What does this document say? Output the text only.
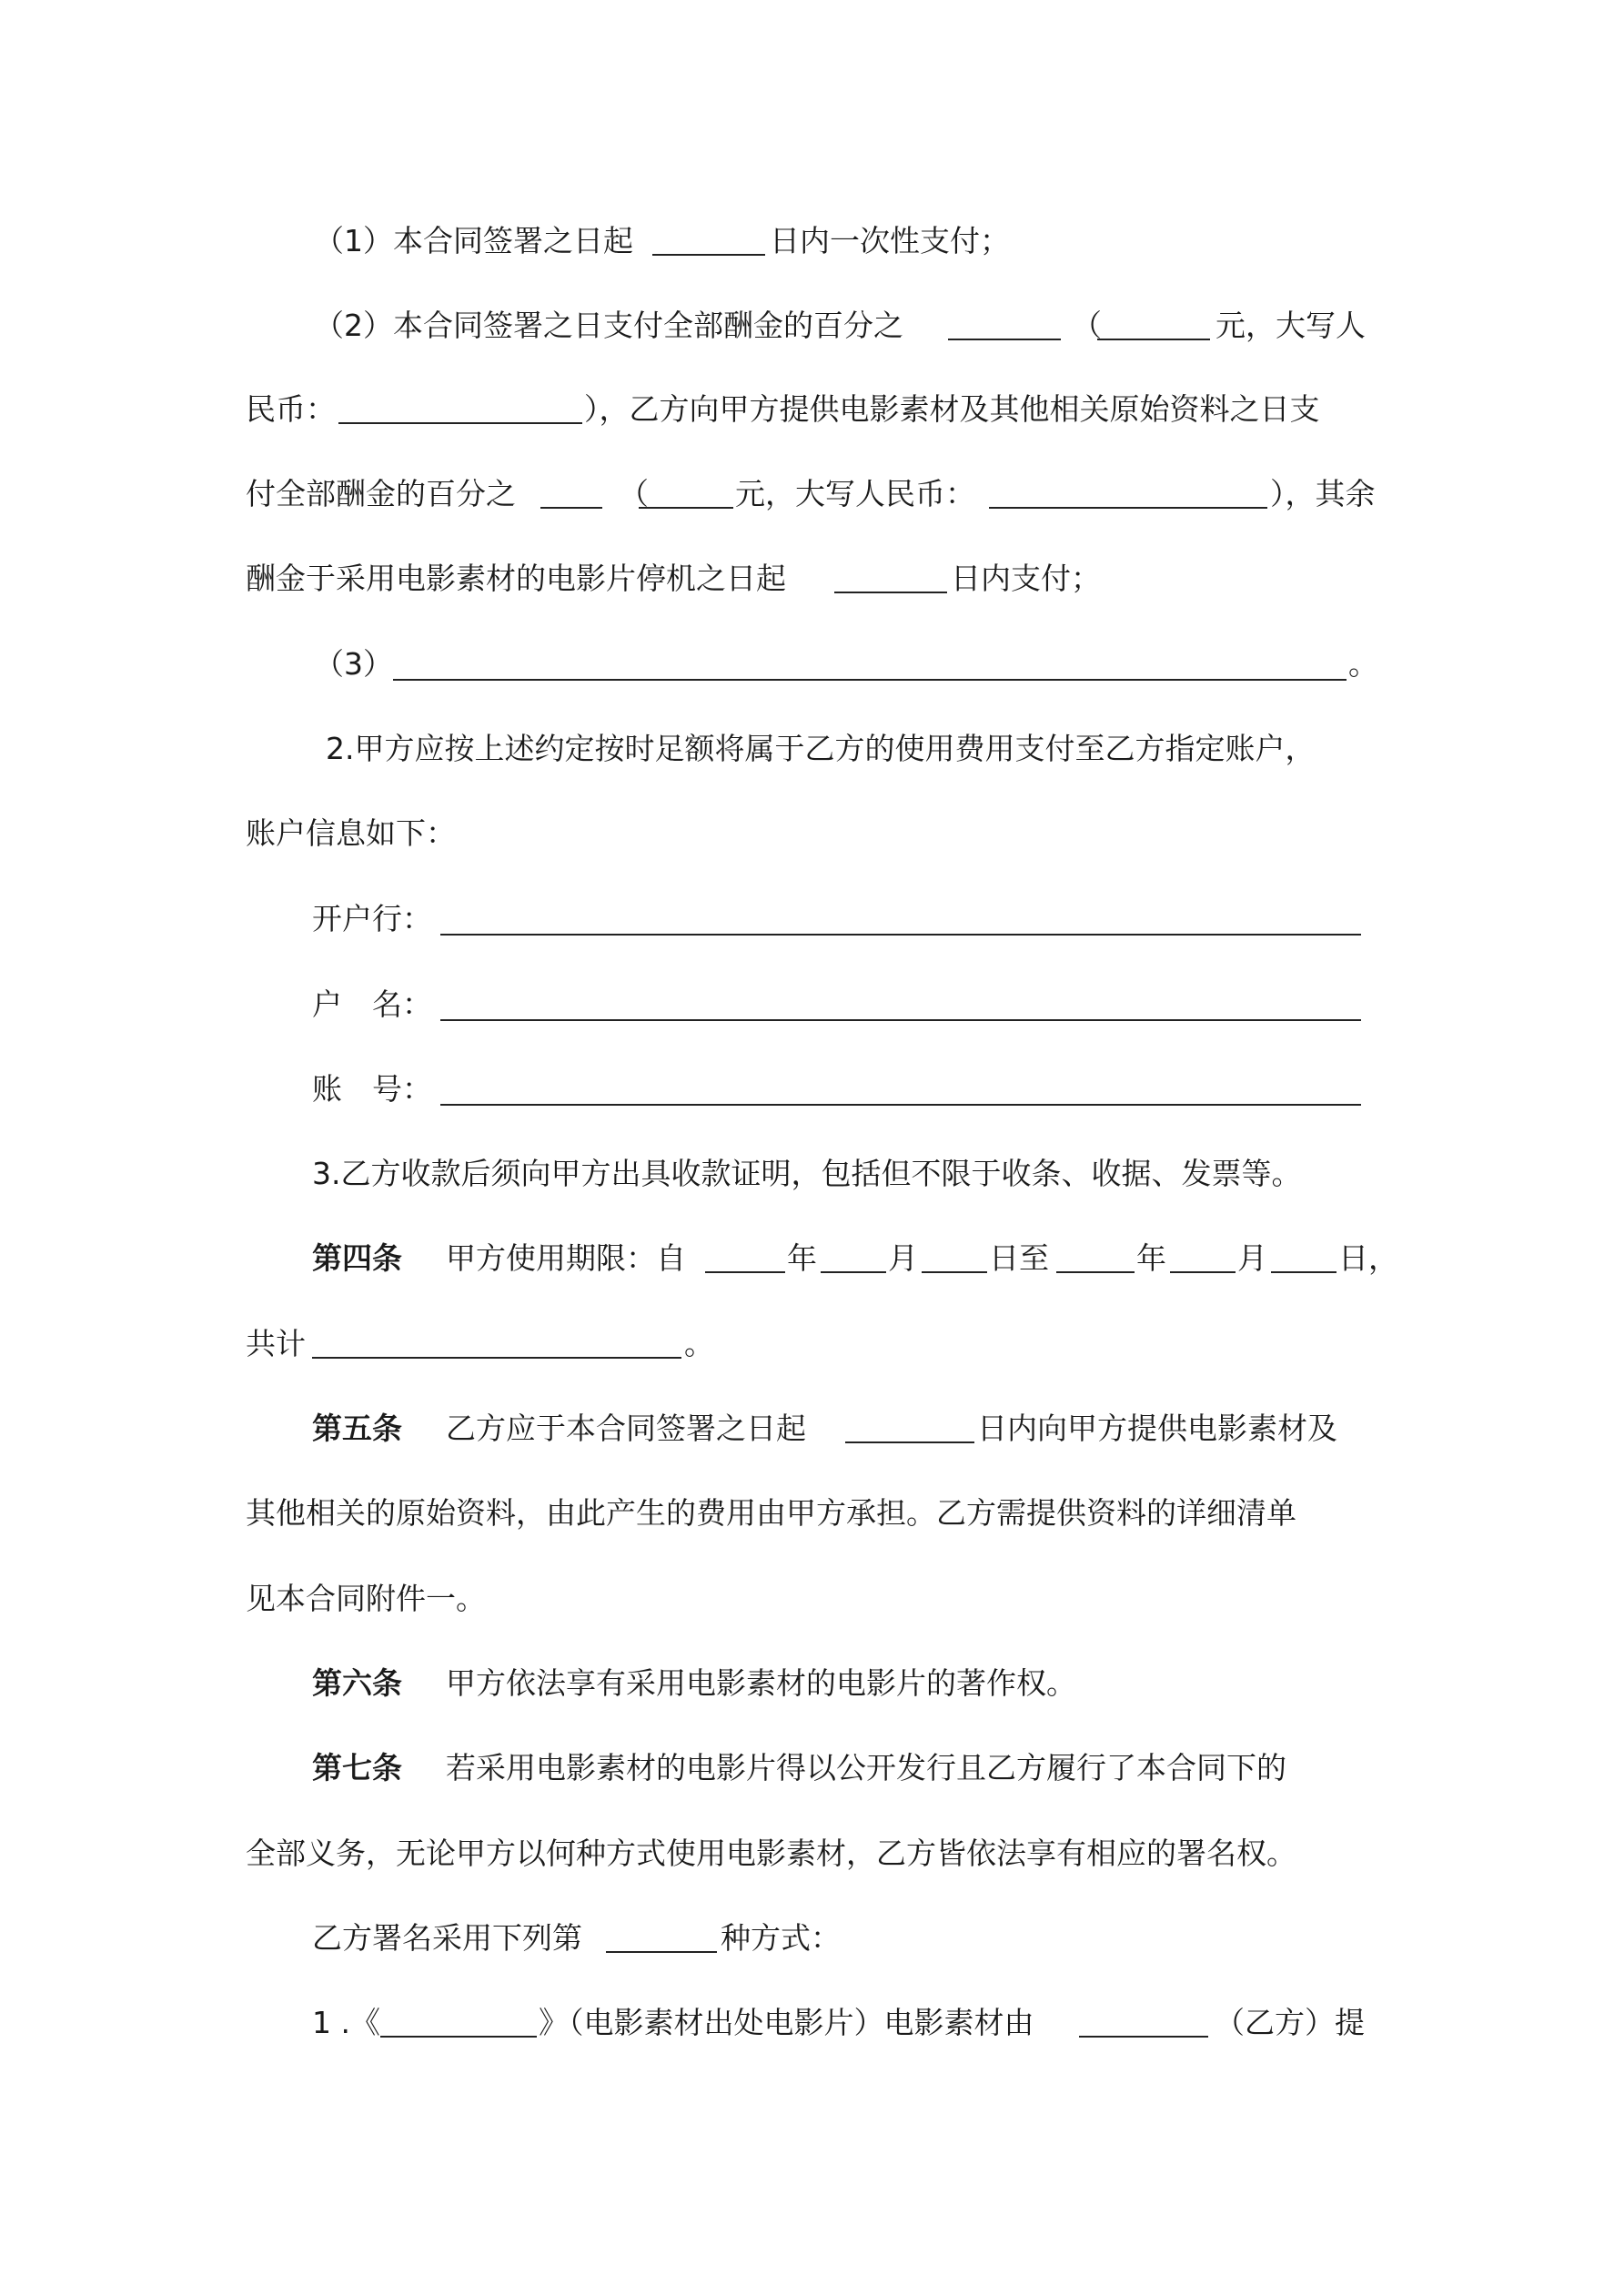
（1）本合同签署之日起	日内一次性支付；
（2）本合同签署之日支付全部酬金的百分之	（	元，大写人
民币：	），乙方向甲方提供电影素材及其他相关原始资料之日支
付全部酬金的百分之	（	元，大写人民币：	），其余
酬金于采用电影素材的电影片停机之日起	日内支付；
（3）	。
2.甲方应按上述约定按时足额将属于乙方的使用费用支付至乙方指定账户，
账户信息如下：
开户行：
户　名：
账　号：
3.乙方收款后须向甲方出具收款证明，包括但不限于收条、收据、发票等。
第四条 甲方使用期限：自	年 月 日至	年 月 日，
共计	。
第五条 乙方应于本合同签署之日起	日内向甲方提供电影素材及
其他相关的原始资料，由此产生的费用由甲方承担。乙方需提供资料的详细清单
见本合同附件一。
第六条 甲方依法享有采用电影素材的电影片的著作权。
第七条 若采用电影素材的电影片得以公开发行且乙方履行了本合同下的
全部义务，无论甲方以何种方式使用电影素材，乙方皆依法享有相应的署名权。
乙方署名采用下列第	种方式：
1 .《	》（电影素材出处电影片）电影素材由	（乙方）提
